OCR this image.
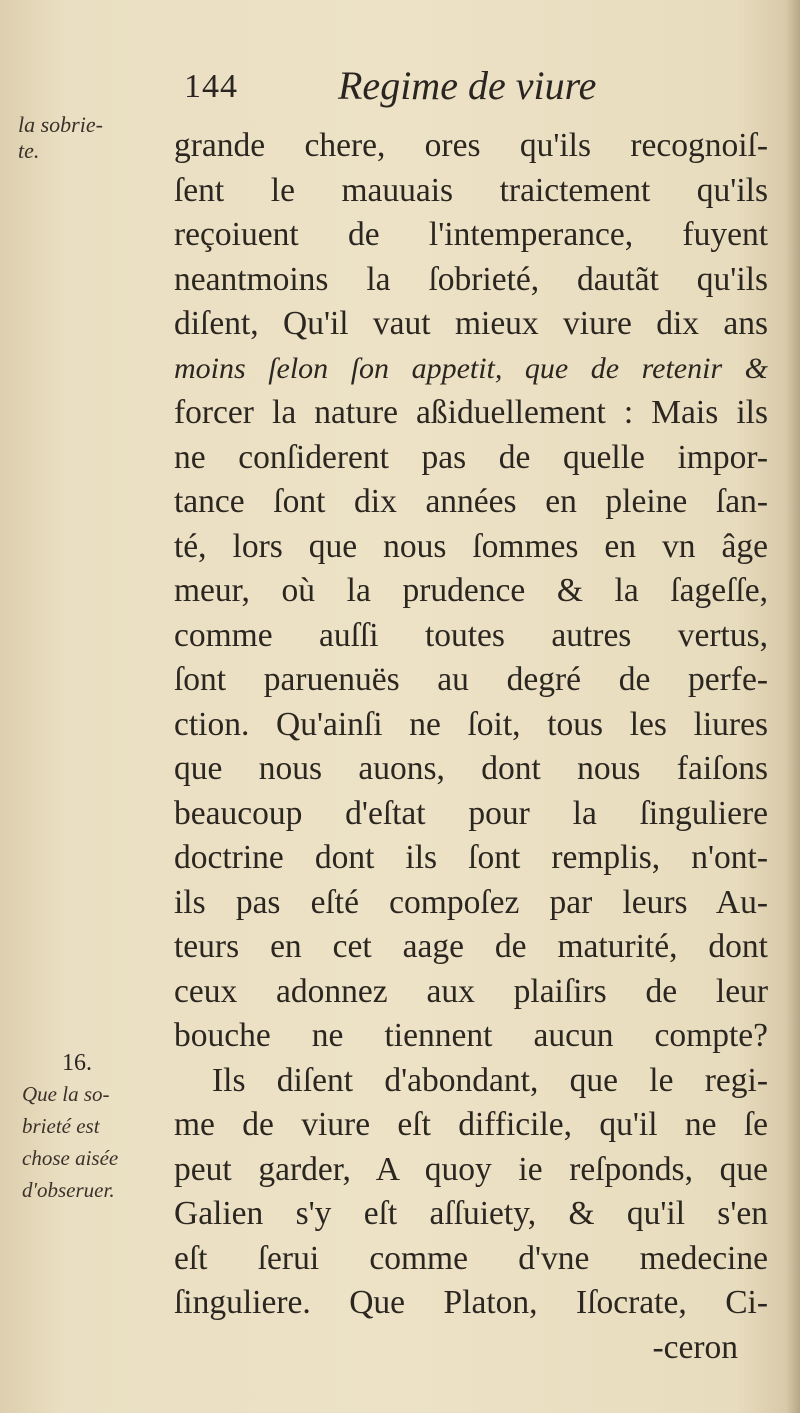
144	Regime de viure
la sobrie-
te.
16.
Que la so-
brieté est
chose aisée
d'obseruer.
grande chere, ores qu'ils recognoiſ-
ſent le mauuais traictement qu'ils
reçoiuent de l'intemperance, fuyent
neantmoins la ſobrieté, dautãt qu'ils
diſent, Qu'il vaut mieux viure dix ans
moins ſelon ſon appetit, que de retenir &
forcer la nature aßiduellement : Mais ils
ne conſiderent pas de quelle impor-
tance ſont dix années en pleine ſan-
té, lors que nous ſommes en vn âge
meur, où la prudence & la ſageſſe,
comme auſſi toutes autres vertus,
ſont paruenuës au degré de perfe-
ction. Qu'ainſi ne ſoit, tous les liures
que nous auons, dont nous faiſons
beaucoup d'eſtat pour la ſinguliere
doctrine dont ils ſont remplis, n'ont-
ils pas eſté compoſez par leurs Au-
teurs en cet aage de maturité, dont
ceux adonnez aux plaiſirs de leur
bouche ne tiennent aucun compte?
Ils diſent d'abondant, que le regi-
me de viure eſt difficile, qu'il ne ſe
peut garder, A quoy ie reſponds, que
Galien s'y eſt aſſuiety, & qu'il s'en
eſt ſerui comme d'vne medecine
ſinguliere. Que Platon, Iſocrate, Ci-
-ceron
